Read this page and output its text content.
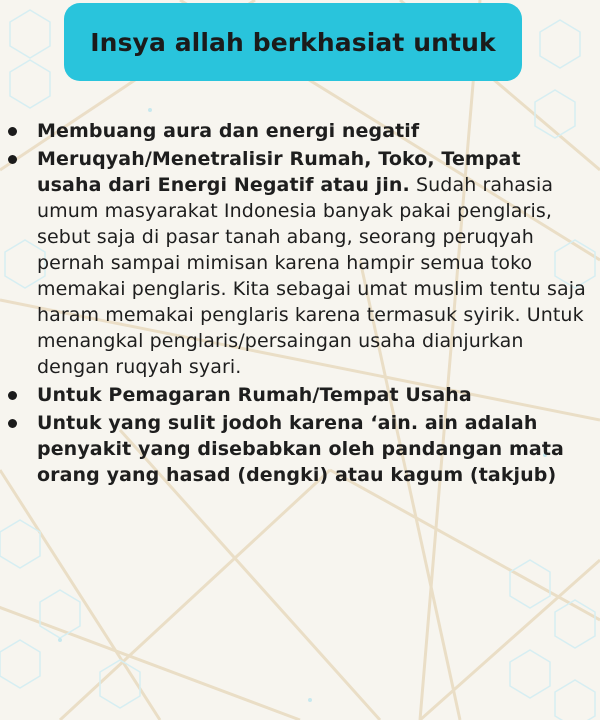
Insya allah berkhasiat untuk
Membuang aura dan energi negatif
Meruqyah/Menetralisir Rumah, Toko, Tempat usaha dari Energi Negatif atau jin. Sudah rahasia umum masyarakat Indonesia banyak pakai penglaris, sebut saja di pasar tanah abang, seorang peruqyah pernah sampai mimisan karena hampir semua toko memakai penglaris. Kita sebagai umat muslim tentu saja haram memakai penglaris karena termasuk syirik. Untuk menangkal penglaris/persaingan usaha dianjurkan dengan ruqyah syari.
Untuk Pemagaran Rumah/Tempat Usaha
Untuk yang sulit jodoh karena ‘ain. ain adalah penyakit yang disebabkan oleh pandangan mata orang yang hasad (dengki) atau kagum (takjub)
